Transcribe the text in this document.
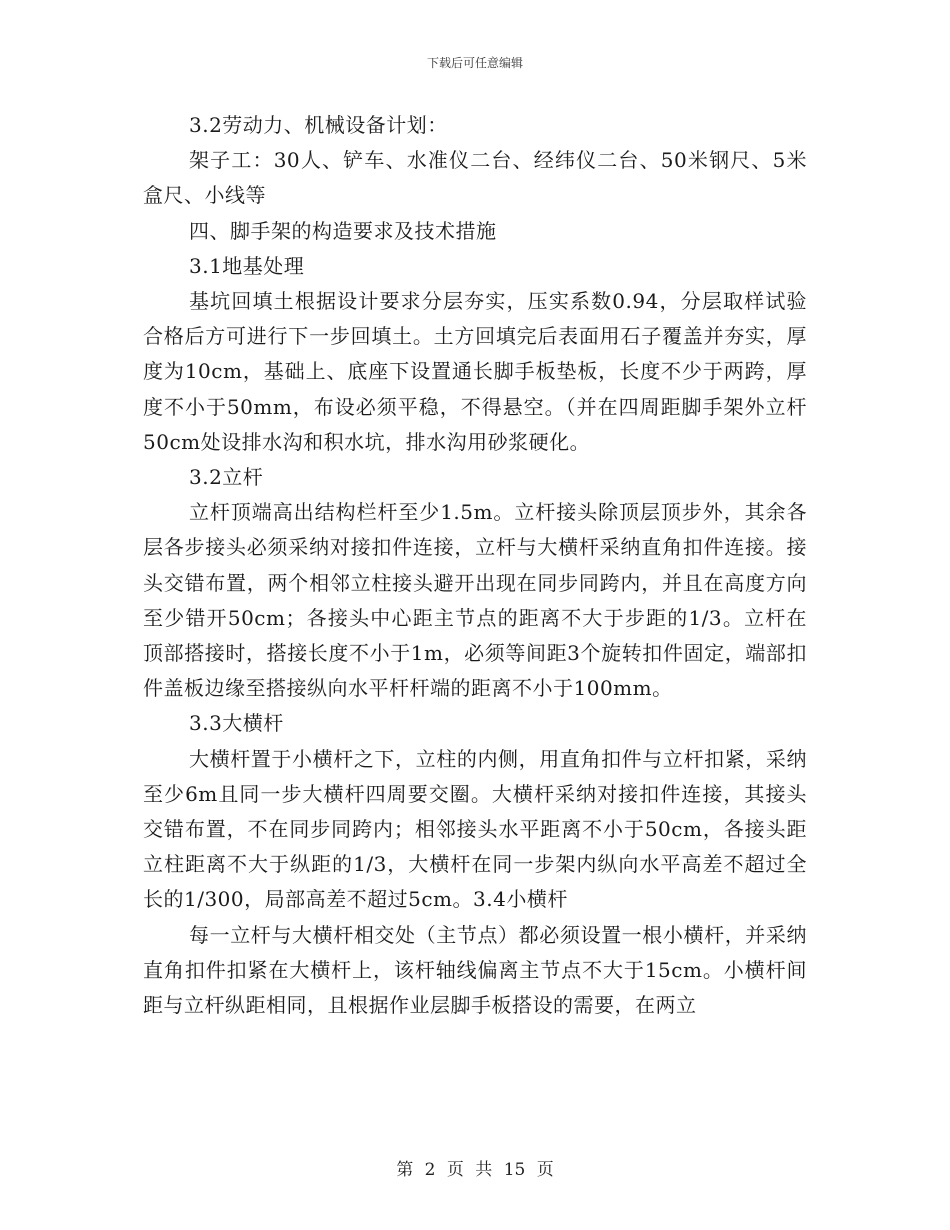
下载后可任意编辑

3.2劳动力、机械设备计划：

架子工：30人、铲车、水准仪二台、经纬仪二台、50米钢尺、5米盒尺、小线等

四、脚手架的构造要求及技术措施

3.1地基处理

基坑回填土根据设计要求分层夯实，压实系数0.94，分层取样试验合格后方可进行下一步回填土。土方回填完后表面用石子覆盖并夯实，厚度为10cm，基础上、底座下设置通长脚手板垫板，长度不少于两跨，厚度不小于50mm，布设必须平稳，不得悬空。（并在四周距脚手架外立杆50cm处设排水沟和积水坑，排水沟用砂浆硬化。

3.2立杆

立杆顶端高出结构栏杆至少1.5m。立杆接头除顶层顶步外，其余各层各步接头必须采纳对接扣件连接，立杆与大横杆采纳直角扣件连接。接头交错布置，两个相邻立柱接头避开出现在同步同跨内，并且在高度方向至少错开50cm；各接头中心距主节点的距离不大于步距的1/3。立杆在顶部搭接时，搭接长度不小于1m，必须等间距3个旋转扣件固定，端部扣件盖板边缘至搭接纵向水平杆杆端的距离不小于100mm。

3.3大横杆

大横杆置于小横杆之下，立柱的内侧，用直角扣件与立杆扣紧，采纳至少6m且同一步大横杆四周要交圈。大横杆采纳对接扣件连接，其接头交错布置，不在同步同跨内；相邻接头水平距离不小于50cm，各接头距立柱距离不大于纵距的1/3，大横杆在同一步架内纵向水平高差不超过全长的1/300，局部高差不超过5cm。3.4小横杆

每一立杆与大横杆相交处（主节点）都必须设置一根小横杆，并采纳直角扣件扣紧在大横杆上，该杆轴线偏离主节点不大于15cm。小横杆间距与立杆纵距相同，且根据作业层脚手板搭设的需要，在两立

第 2 页 共 15 页
